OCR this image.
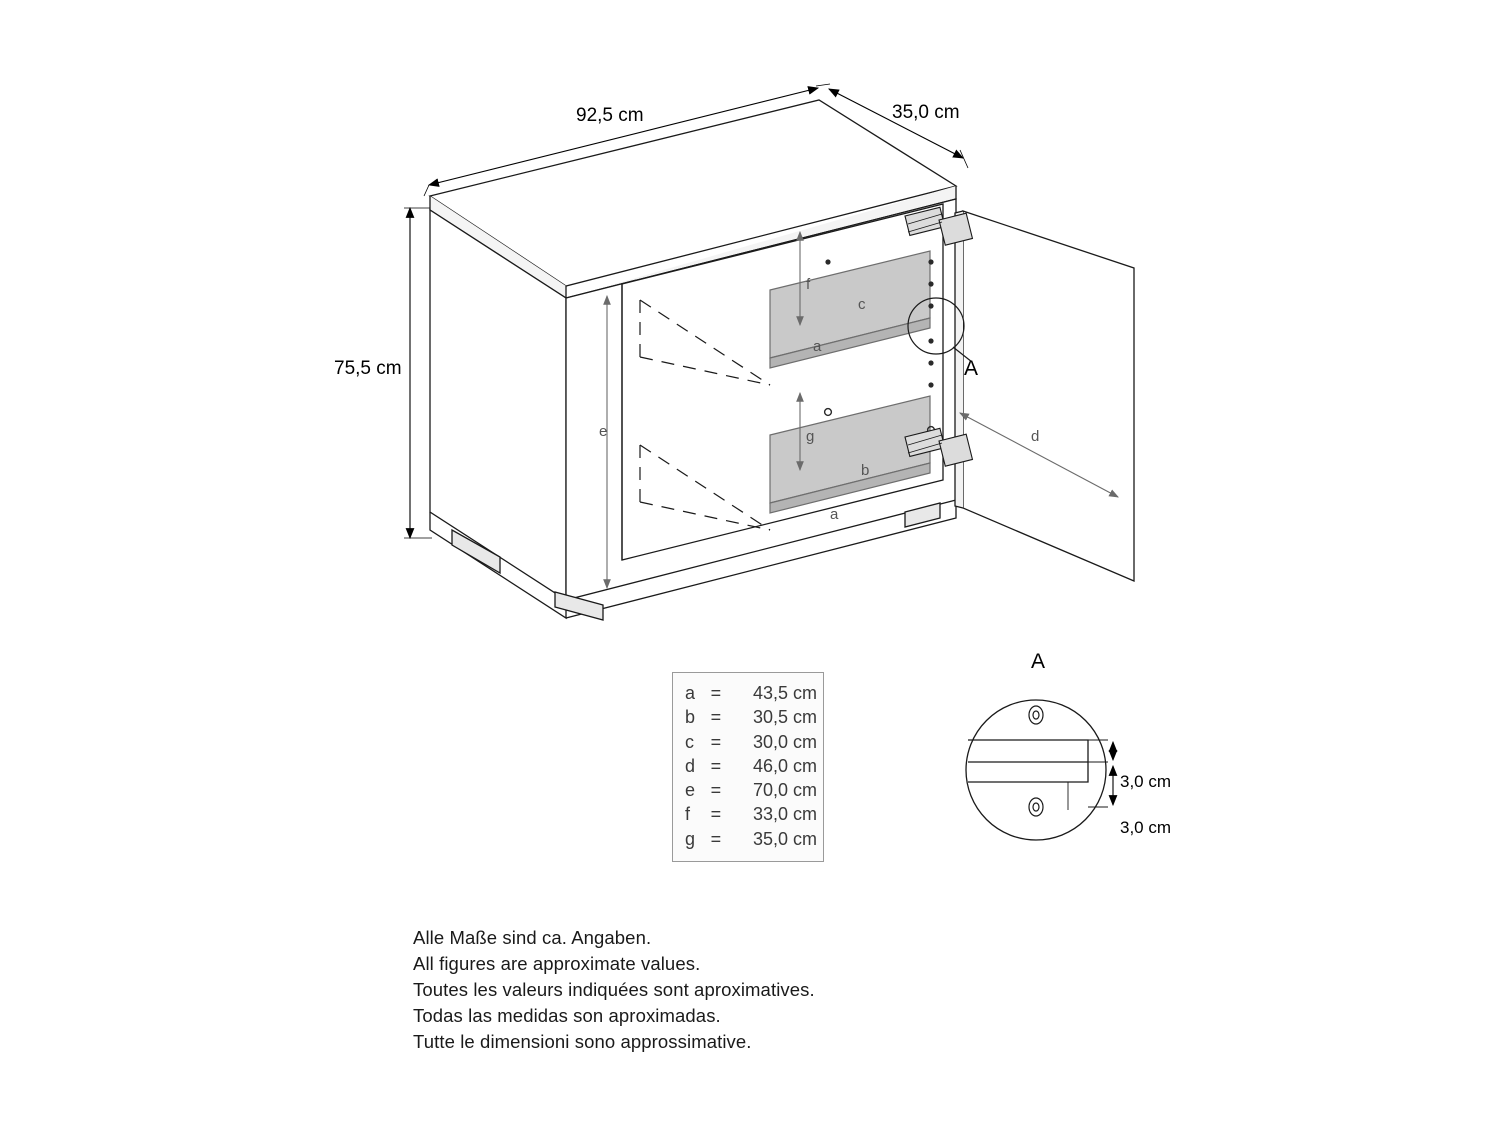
92,5 cm	35,0 cm
75,5 cm
e
f
g
c
b
a
a
d
A
A
3,0 cm
3,0 cm
a =	43,5 cm
b =	30,5 cm
c =	30,0 cm
d =	46,0 cm
e =	70,0 cm
f	=	33,0 cm
g =	35,0 cm
Alle Maße sind ca. Angaben.
All figures are approximate values.
Toutes les valeurs indiquées sont aproximatives.
Todas las medidas son aproximadas.
Tutte le dimensioni sono approssimative.
